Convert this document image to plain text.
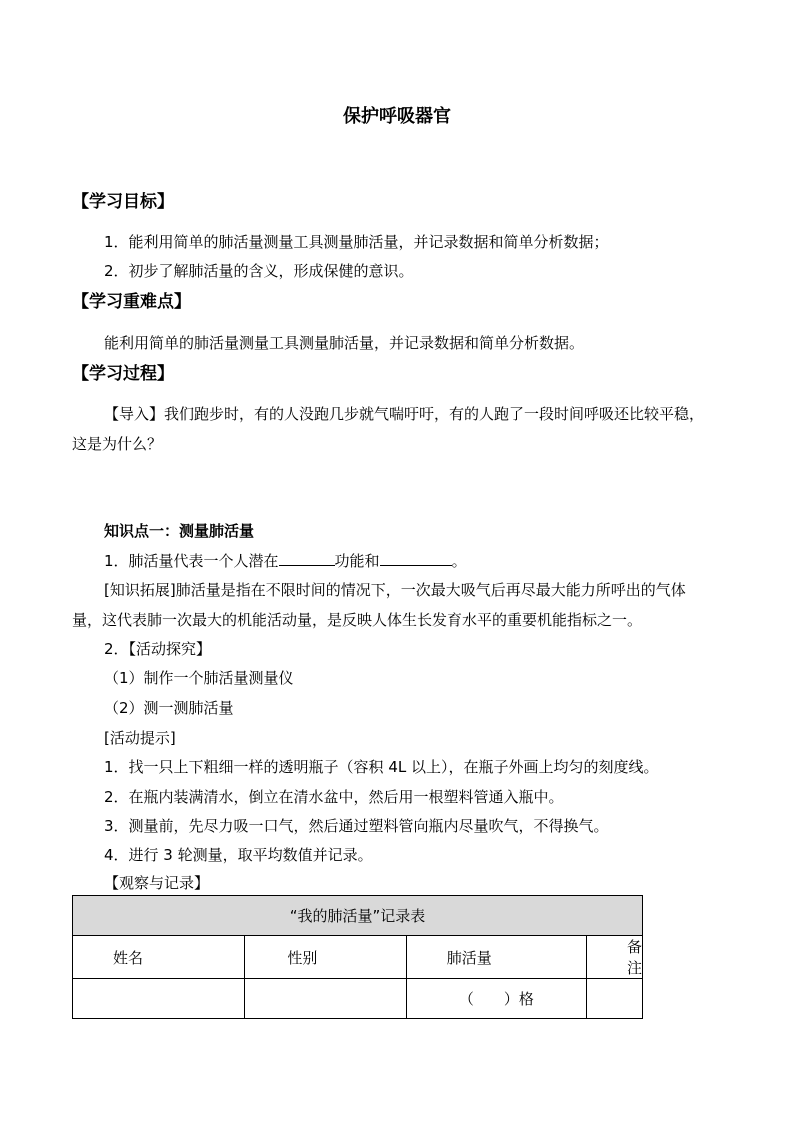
保护呼吸器官
【学习目标】
1．能利用简单的肺活量测量工具测量肺活量，并记录数据和简单分析数据；
2．初步了解肺活量的含义，形成保健的意识。
【学习重难点】
能利用简单的肺活量测量工具测量肺活量，并记录数据和简单分析数据。
【学习过程】
【导入】我们跑步时，有的人没跑几步就气喘吁吁，有的人跑了一段时间呼吸还比较平稳，
这是为什么？
知识点一：测量肺活量
1．肺活量代表一个人潜在	功能和	。
[知识拓展]肺活量是指在不限时间的情况下，一次最大吸气后再尽最大能力所呼出的气体
量，这代表肺一次最大的机能活动量，是反映人体生长发育水平的重要机能指标之一。
2．【活动探究】
（1）制作一个肺活量测量仪
（2）测一测肺活量
[活动提示]
1．找一只上下粗细一样的透明瓶子（容积 4L 以上），在瓶子外画上均匀的刻度线。
2．在瓶内装满清水，倒立在清水盆中，然后用一根塑料管通入瓶中。
3．测量前，先尽力吸一口气，然后通过塑料管向瓶内尽量吹气，不得换气。
4．进行 3 轮测量，取平均数值并记录。
【观察与记录】
“我的肺活量”记录表			
姓名	性别	肺活量	备注
		（　　）格	
